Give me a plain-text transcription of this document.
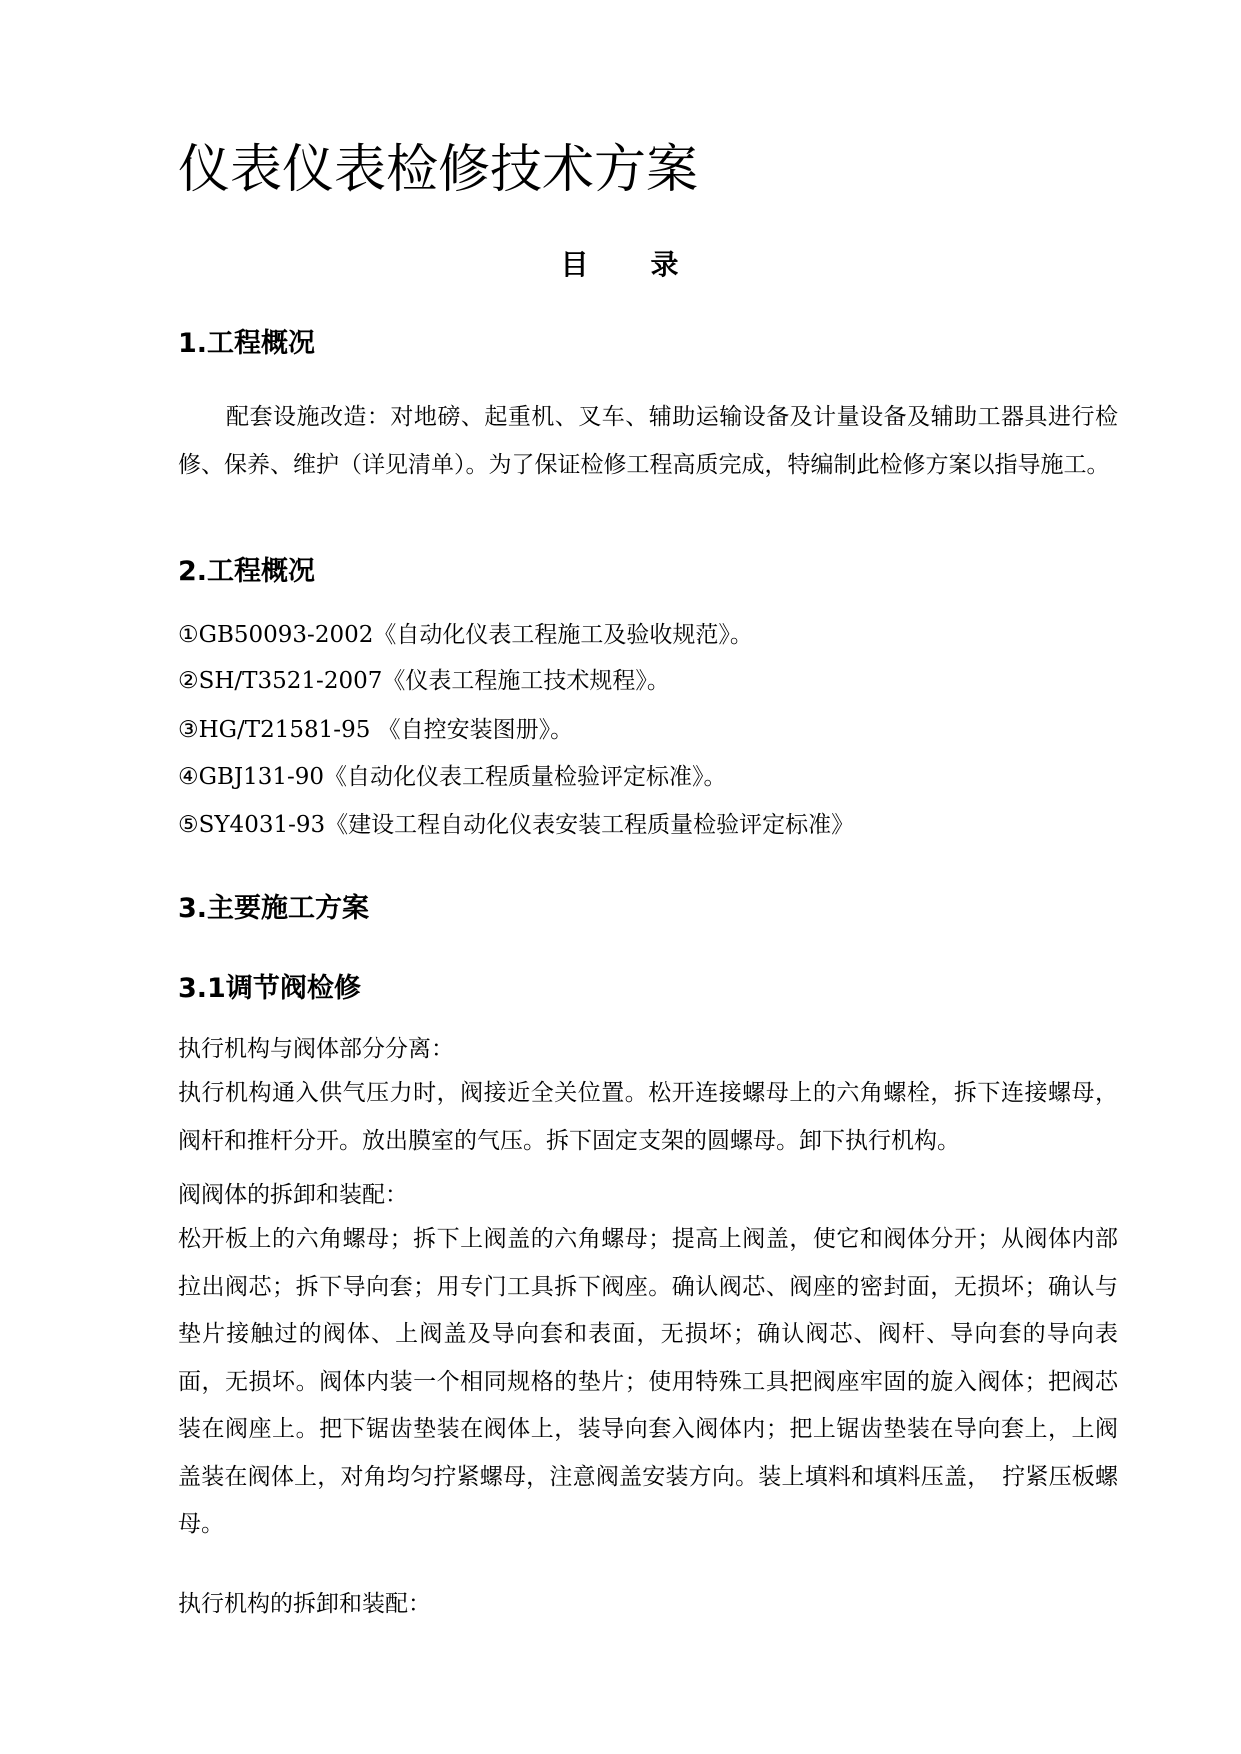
仪表仪表检修技术方案
目　　录
1.工程概况

配套设施改造：对地磅、起重机、叉车、辅助运输设备及计量设备及辅助工器具进行检修、保养、维护（详见清单）。为了保证检修工程高质完成，特编制此检修方案以指导施工。

2.工程概况

①GB50093-2002《自动化仪表工程施工及验收规范》。

②SH/T3521-2007《仪表工程施工技术规程》。

③HG/T21581-95 《自控安装图册》。

④GBJ131-90《自动化仪表工程质量检验评定标准》。

⑤SY4031-93《建设工程自动化仪表安装工程质量检验评定标准》

3.主要施工方案
3.1调节阀检修

执行机构与阀体部分分离：

执行机构通入供气压力时，阀接近全关位置。松开连接螺母上的六角螺栓，拆下连接螺母，阀杆和推杆分开。放出膜室的气压。拆下固定支架的圆螺母。卸下执行机构。

阀阀体的拆卸和装配：

松开板上的六角螺母；拆下上阀盖的六角螺母；提高上阀盖，使它和阀体分开；从阀体内部拉出阀芯；拆下导向套；用专门工具拆下阀座。确认阀芯、阀座的密封面，无损坏；确认与垫片接触过的阀体、上阀盖及导向套和表面，无损坏；确认阀芯、阀杆、导向套的导向表面，无损坏。阀体内装一个相同规格的垫片；使用特殊工具把阀座牢固的旋入阀体；把阀芯装在阀座上。把下锯齿垫装在阀体上，装导向套入阀体内；把上锯齿垫装在导向套上，上阀盖装在阀体上，对角均匀拧紧螺母，注意阀盖安装方向。装上填料和填料压盖，　拧紧压板螺母。

执行机构的拆卸和装配：
